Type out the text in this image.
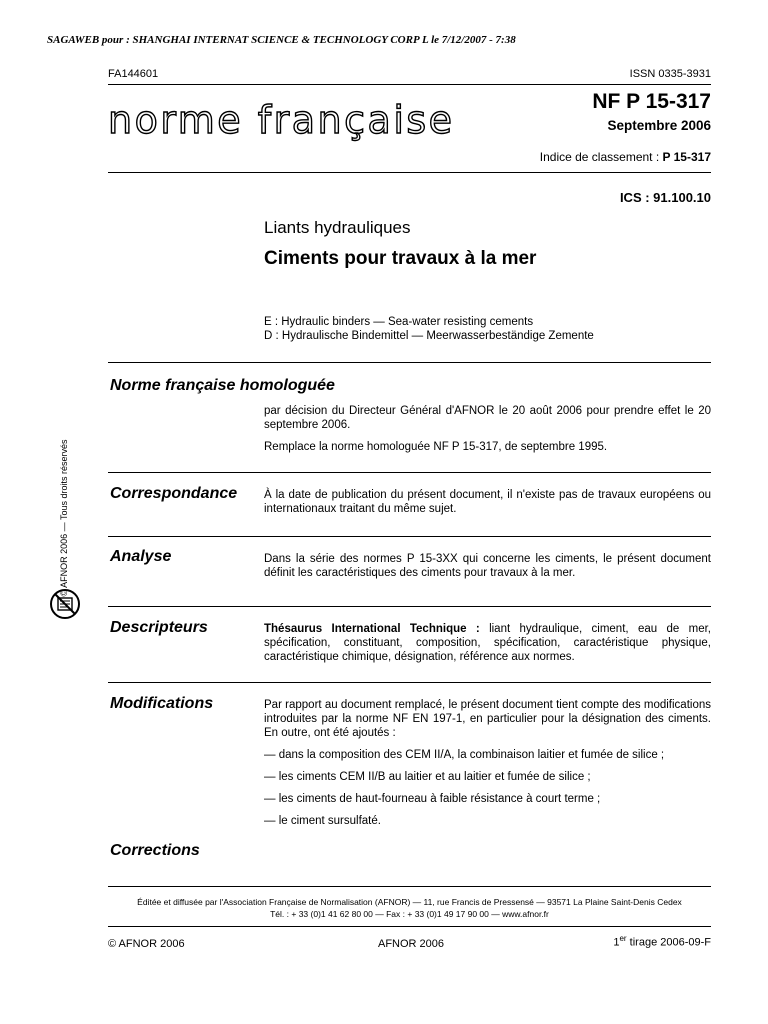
SAGAWEB pour : SHANGHAI INTERNAT SCIENCE & TECHNOLOGY CORP L le 7/12/2007 - 7:38
FA144601	ISSN 0335-3931
norme française	NF P 15-317
Septembre 2006
Indice de classement : P 15-317
ICS : 91.100.10
Liants hydrauliques
Ciments pour travaux à la mer
E : Hydraulic binders — Sea-water resisting cements
D : Hydraulische Bindemittel — Meerwasserbeständige Zemente
Norme française homologuée

par décision du Directeur Général d'AFNOR le 20 août 2006 pour prendre effet le 20 septembre 2006.

Remplace la norme homologuée NF P 15-317, de septembre 1995.

Correspondance À la date de publication du présent document, il n'existe pas de travaux européens ou internationaux traitant du même sujet.

Analyse	Dans la série des normes P 15-3XX qui concerne les ciments, le présent document définit les caractéristiques des ciments pour travaux à la mer.

Descripteurs	Thésaurus International Technique : liant hydraulique, ciment, eau de mer, spécification, constituant, composition, spécification, caractéristique physique, caractéristique chimique, désignation, référence aux normes.

Modifications	Par rapport au document remplacé, le présent document tient compte des modifications introduites par la norme NF EN 197-1, en particulier pour la désignation des ciments. En outre, ont été ajoutés :

— dans la composition des CEM II/A, la combinaison laitier et fumée de silice ;

— les ciments CEM II/B au laitier et au laitier et fumée de silice ;

— les ciments de haut-fourneau à faible résistance à court terme ;

— le ciment sursulfaté.

Corrections
© AFNOR 2006 — Tous droits réservés
Éditée et diffusée par l'Association Française de Normalisation (AFNOR) — 11, rue Francis de Pressensé — 93571 La Plaine Saint-Denis Cedex
Tél. : + 33 (0)1 41 62 80 00 — Fax : + 33 (0)1 49 17 90 00 — www.afnor.fr
© AFNOR 2006	AFNOR 2006	1er tirage 2006-09-F
